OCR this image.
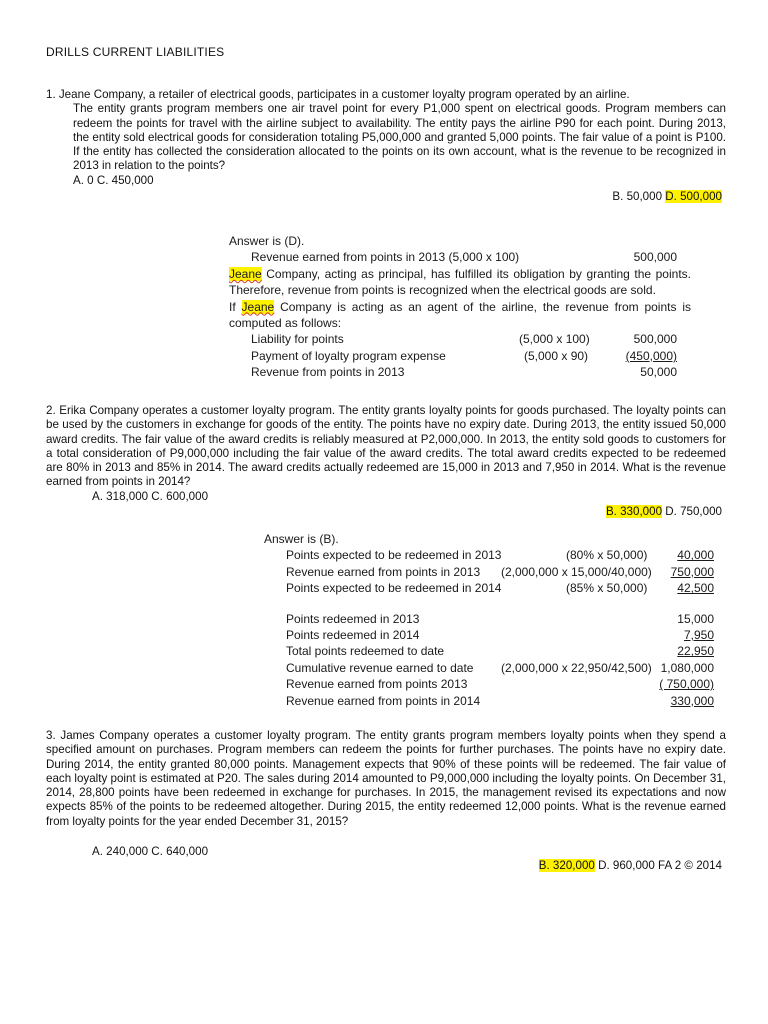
DRILLS CURRENT LIABILITIES

1. Jeane Company, a retailer of electrical goods, participates in a customer loyalty program operated by an airline.

The entity grants program members one air travel point for every P1,000 spent on electrical goods. Program members can redeem the points for travel with the airline subject to availability. The entity pays the airline P90 for each point. During 2013, the entity sold electrical goods for consideration totaling P5,000,000 and granted 5,000 points. The fair value of a point is P100. If the entity has collected the consideration allocated to the points on its own account, what is the revenue to be recognized in 2013 in relation to the points?

A. 0 C. 450,000
B. 50,000 D. 500,000
Answer is (D).
Revenue earned from points in 2013 (5,000 x 100)	500,000
Jeane Company, acting as principal, has fulfilled its obligation by granting the points. Therefore, revenue from points is recognized when the electrical goods are sold.
If Jeane Company is acting as an agent of the airline, the revenue from points is computed as follows:
Liability for points	(5,000 x 100)	500,000
Payment of loyalty program expense	(5,000 x 90)	(450,000)
Revenue from points in 2013	50,000

2. Erika Company operates a customer loyalty program. The entity grants loyalty points for goods purchased. The loyalty points can be used by the customers in exchange for goods of the entity. The points have no expiry date. During 2013, the entity issued 50,000 award credits. The fair value of the award credits is reliably measured at P2,000,000. In 2013, the entity sold goods to customers for a total consideration of P9,000,000 including the fair value of the award credits. The total award credits expected to be redeemed are 80% in 2013 and 85% in 2014. The award credits actually redeemed are 15,000 in 2013 and 7,950 in 2014. What is the revenue earned from points in 2014?

A. 318,000 C. 600,000
B. 330,000 D. 750,000
Answer is (B).
Points expected to be redeemed in 2013	(80% x 50,000) 40,000
Revenue earned from points in 2013 (2,000,000 x 15,000/40,000) 750,000
Points expected to be redeemed in 2014	(85% x 50,000) 42,500
Points redeemed in 2013	15,000
Points redeemed in 2014	7,950
Total points redeemed to date	22,950
Cumulative revenue earned to date (2,000,000 x 22,950/42,500) 1,080,000
Revenue earned from points 2013	( 750,000)
Revenue earned from points in 2014	330,000

3. James Company operates a customer loyalty program. The entity grants program members loyalty points when they spend a specified amount on purchases. Program members can redeem the points for further purchases. The points have no expiry date. During 2014, the entity granted 80,000 points. Management expects that 90% of these points will be redeemed. The fair value of each loyalty point is estimated at P20. The sales during 2014 amounted to P9,000,000 including the loyalty points. On December 31, 2014, 28,800 points have been redeemed in exchange for purchases. In 2015, the management revised its expectations and now expects 85% of the points to be redeemed altogether. During 2015, the entity redeemed 12,000 points. What is the revenue earned from loyalty points for the year ended December 31, 2015?

A. 240,000 C. 640,000
B. 320,000 D. 960,000 FA 2 © 2014
